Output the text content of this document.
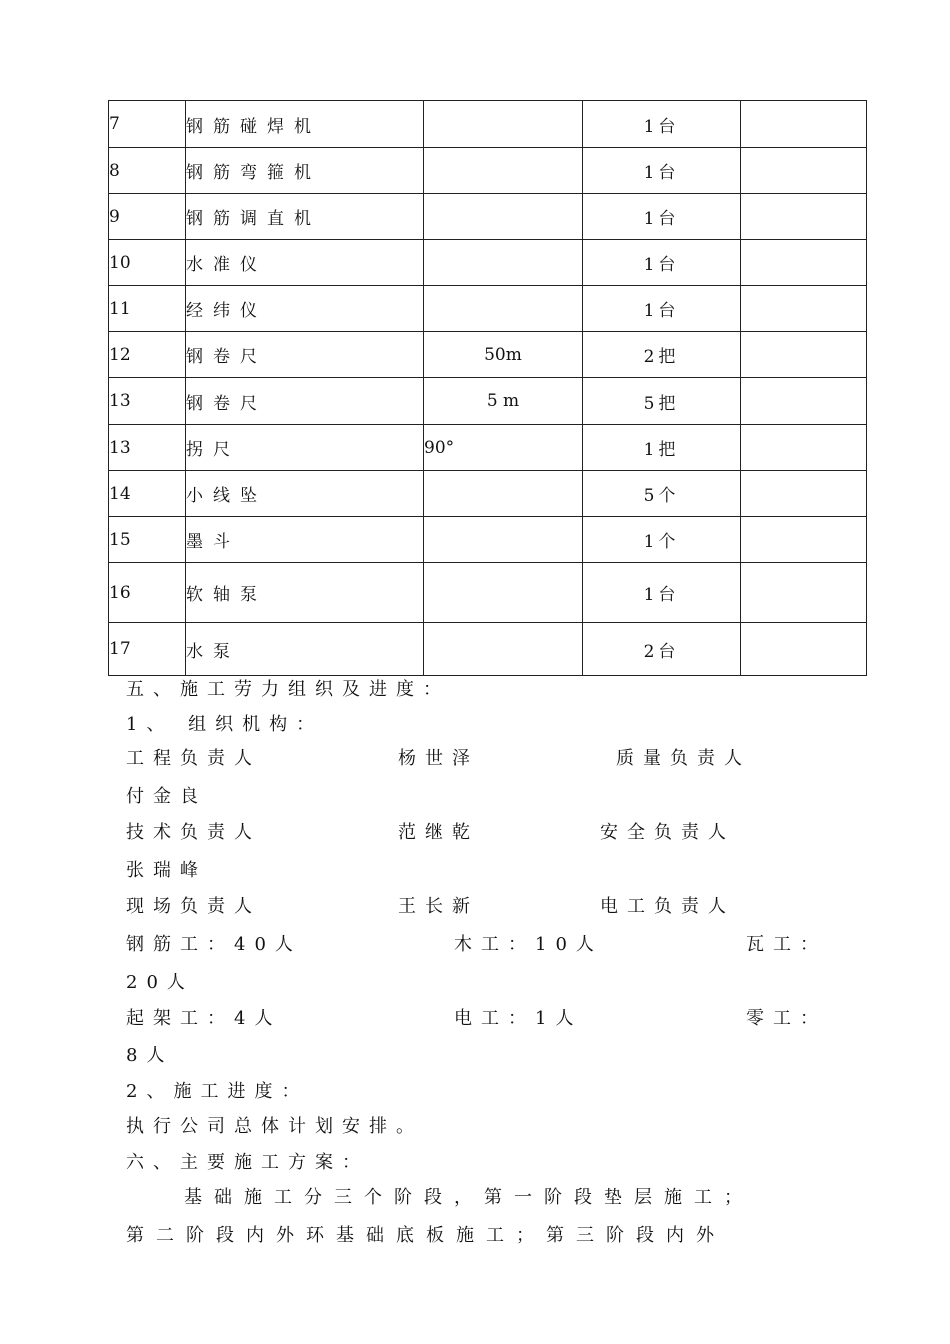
7	钢筋碰焊机		1台	
8	钢筋弯箍机		1台	
9	钢筋调直机		1台	
10	水准仪		1台	
11	经纬仪		1台	
12	钢卷尺	50m	2把	
13	钢卷尺	5 m	5把	
13	拐尺	90°	1把	
14	小线坠		5个	
15	墨斗		1个	
16	软轴泵		1台	
17	水泵		2台	
五、施工劳力组织及进度：
1、 组织机构：
工程负责人	杨世泽	质量负责人
付金良
技术负责人	范继乾	安全负责人
张瑞峰
现场负责人	王长新	电工负责人
钢筋工：40人	木工：10人	瓦工：
20人
起架工：4人	电工：1人	零工：
8人
2、施工进度：
执行公司总体计划安排。
六、主要施工方案：
基础施工分三个阶段，第一阶段垫层施工；
第二阶段内外环基础底板施工；第三阶段内外
